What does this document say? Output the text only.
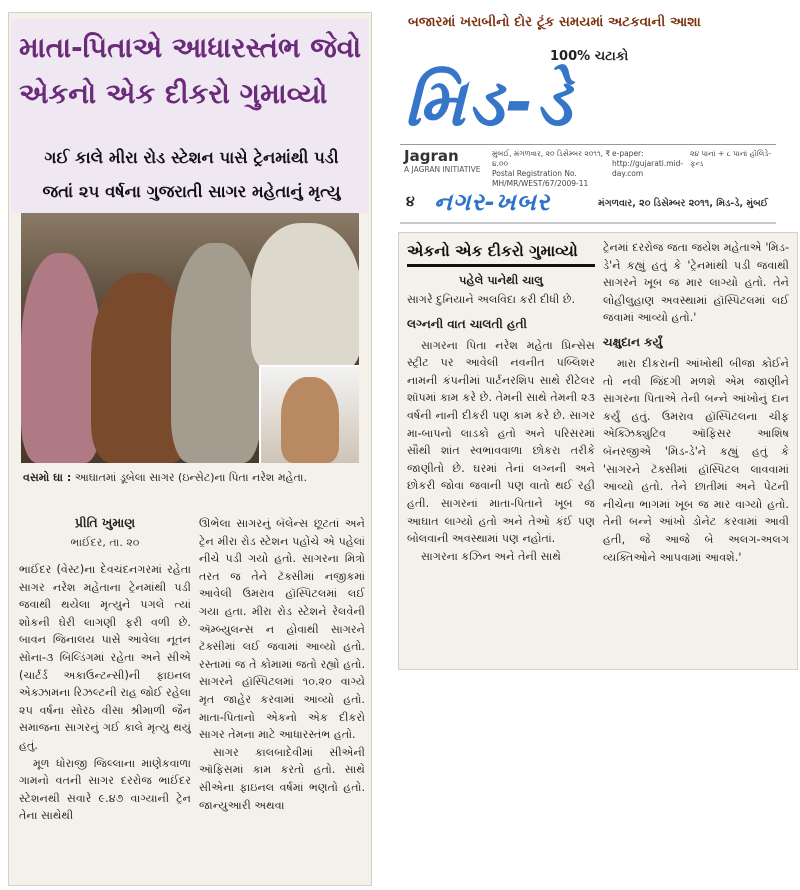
માતા-પિતાએ આધારસ્તંભ જેવો
એકનો એક દીકરો ગુમાવ્યો
ગઈ કાલે મીરા રોડ સ્ટેશન પાસે ટ્રેનમાંથી પડી
જતાં ૨૫ વર્ષના ગુજરાતી સાગર મહેતાનું મૃત્યુ
વસમો ઘા : આઘાતમાં ડૂબેલા સાગર (ઇન્સેટ)ના પિતા નરેશ મહેતા.
પ્રીતિ ખુમાણ
ભાઈંદર, તા. ૨૦
ભાઈંદર (વેસ્ટ)ના દેવચંદનગરમાં રહેતા સાગર નરેશ મહેતાના ટ્રેનમાંથી પડી જવાથી થયેલા મૃત્યુને પગલે ત્યાં શોકની ઘેરી લાગણી ફરી વળી છે. બાવન જિનાલય પાસે આવેલા નૂતન સોના-૩ બિલ્ડિંગમાં રહેતા અને સીએ (ચાર્ટર્ડ અકાઉન્ટન્સી)ની ફાઇનલ એક્ઝામના રિઝલ્ટની રાહ જોઈ રહેલા ૨૫ વર્ષના સોરઠ વીસા શ્રીમાળી જૈન સમાજના સાગરનું ગઈ કાલે મૃત્યુ થયું હતું.
મૂળ ધોરાજી જિલ્લાના માણેકવાળા ગામનો વતની સાગર દરરોજ ભાઈંદર સ્ટેશનથી સવારે ૯.૪૭ વાગ્યાની ટ્રેન તેના સાથેથી
ઊભેલા સાગરનું બૅલેન્સ છૂટતાં અને ટ્રેન મીરા રોડ સ્ટેશન પહોંચે એ પહેલાં નીચે પડી ગયો હતો. સાગરના મિત્રો તરત જ તેને ટૅક્સીમાં નજીકમાં આવેલી ઉમરાવ હૉસ્પિટલમાં લઈ ગયા હતા. મીરા રોડ સ્ટેશને રેલવેની ઍમ્બ્યુલન્સ ન હોવાથી સાગરને ટૅક્સીમાં લઈ જવામાં આવ્યો હતો. રસ્તામાં જ તે કોમામાં જતો રહ્યો હતો. સાગરને હૉસ્પિટલમાં ૧૦.૨૦ વાગ્યે મૃત જાહેર કરવામાં આવ્યો હતો. માતા-પિતાનો એકનો એક દીકરો સાગર તેમના માટે આધારસ્તંભ હતો.
સાગર કાલબાદેવીમાં સીએની ઑફિસમાં કામ કરતો હતો. સાથે સીએના ફાઇનલ વર્ષમાં ભણતો હતો. જાન્યુઆરી અથવા
બજારમાં ખરાબીનો દોર ટૂંક સમયમાં અટકવાની આશા
100% ચટાકો
મિડ-ડે
Jagran
A JAGRAN INITIATIVE
મુંબઈ, મંગળવાર, ૨૦ ડિસેમ્બર ૨૦૧૧, ₹ ૪.૦૦
Postal Registration No. MH/MR/WEST/67/2009-11
e-paper:
http://gujarati.mid-day.com
૨૪ પાનાં + ૮ પાનાં હૉલિડે-ફન્ડ
૪ નગર-ખબર	મંગળવાર, ૨૦ ડિસેમ્બર ૨૦૧૧, મિડ-ડે, મુંબઈ
એકનો એક દીકરો ગુમાવ્યો
પહેલે પાનેથી ચાલુ
સાગરે દુનિયાને અલવિદા કરી દીધી છે.
લગ્નની વાત ચાલતી હતી
સાગરના પિતા નરેશ મહેતા પ્રિન્સેસ સ્ટ્રીટ પર આવેલી નવનીત પબ્લિશર નામની કંપનીમાં પાર્ટનરશિપ સાથે રીટેલર શૉપમાં કામ કરે છે. તેમની સાથે તેમની ૨૩ વર્ષની નાની દીકરી પણ કામ કરે છે. સાગર મા-બાપનો લાડકો હતો અને પરિસરમાં સૌથી શાંત સ્વભાવવાળા છોકરા તરીકે જાણીતો છે. ઘરમાં તેનાં લગ્નની અને છોકરી જોવા જવાની પણ વાતો થઈ રહી હતી. સાગરનાં માતા-પિતાને ખૂબ જ આઘાત લાગ્યો હતો અને તેઓ કંઈ પણ બોલવાની અવસ્થામાં પણ નહોતાં.
સાગરના કઝિન અને તેની સાથે
ટ્રેનમાં દરરોજ જતા જયેશ મહેતાએ 'મિડ-ડે'ને કહ્યું હતું કે 'ટ્રેનમાંથી પડી જવાથી સાગરને ખૂબ જ માર લાગ્યો હતો. તેને લોહીલુહાણ અવસ્થામાં હૉસ્પિટલમાં લઈ જવામાં આવ્યો હતો.'
ચક્ષુદાન કર્યું
મારા દીકરાની આંખોથી બીજા કોઈને તો નવી જિંદગી મળશે એમ જાણીને સાગરના પિતાએ તેની બન્ને આંખોનું દાન કર્યું હતું. ઉમરાવ હૉસ્પિટલના ચીફ એક્ઝિક્યુટિવ ઑફિસર આશિષ બૅનરજીએ 'મિડ-ડે'ને કહ્યું હતું કે 'સાગરને ટૅક્સીમાં હૉસ્પિટલ લાવવામાં આવ્યો હતો. તેને છાતીમાં અને પેટની નીચેના ભાગમાં ખૂબ જ માર વાગ્યો હતો. તેની બન્ને આંખો ડોનેટ કરવામાં આવી હતી, જે આજે બે અલગ-અલગ વ્યક્તિઓને આપવામાં આવશે.'
